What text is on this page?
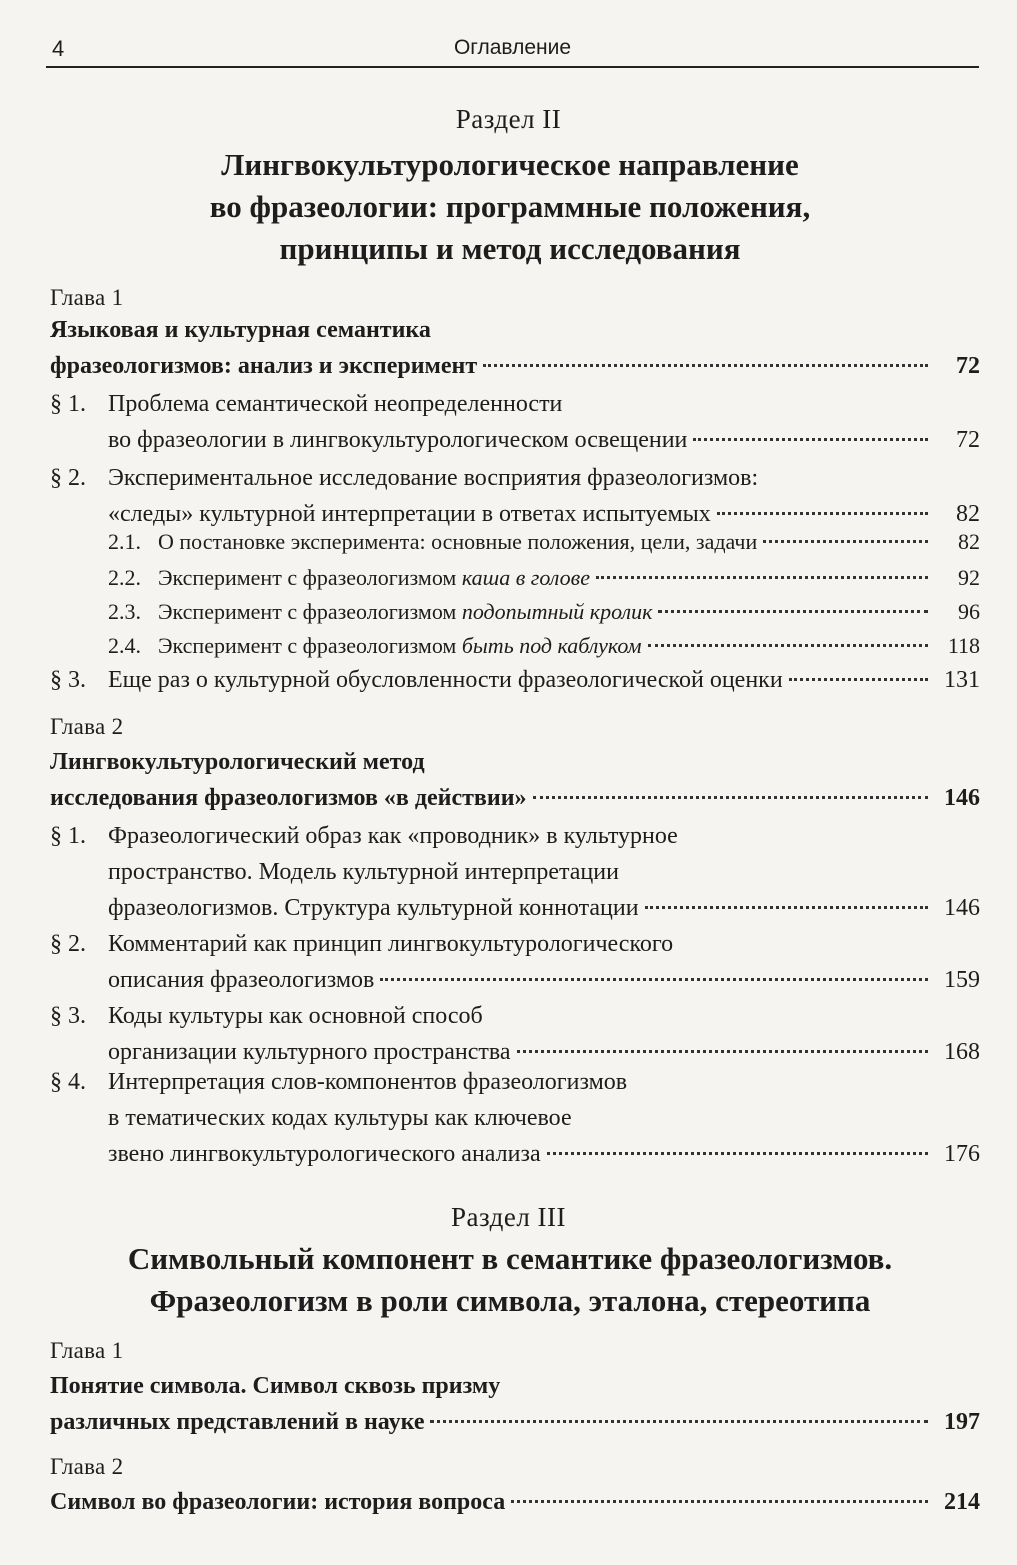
4	Оглавление
Раздел II
Лингвокультурологическое направление
во фразеологии: программные положения,
принципы и метод исследования
Глава 1
Языковая и культурная семантика
фразеологизмов: анализ и эксперимент	72
§ 1. Проблема семантической неопределенности
во фразеологии в лингвокультурологическом освещении	72
§ 2. Экспериментальное исследование восприятия фразеологизмов:
«следы» культурной интерпретации в ответах испытуемых	82
2.1. О постановке эксперимента: основные положения, цели, задачи	82
2.2. Эксперимент с фразеологизмом каша в голове	92
2.3. Эксперимент с фразеологизмом подопытный кролик	96
2.4. Эксперимент с фразеологизмом быть под каблуком	118
§ 3. Еще раз о культурной обусловленности фразеологической оценки	131
Глава 2
Лингвокультурологический метод
исследования фразеологизмов «в действии»	146
§ 1. Фразеологический образ как «проводник» в культурное
пространство. Модель культурной интерпретации
фразеологизмов. Структура культурной коннотации	146
§ 2. Комментарий как принцип лингвокультурологического
описания фразеологизмов	159
§ 3. Коды культуры как основной способ
организации культурного пространства	168
§ 4. Интерпретация слов-компонентов фразеологизмов
в тематических кодах культуры как ключевое
звено лингвокультурологического анализа	176
Раздел III
Символьный компонент в семантике фразеологизмов.
Фразеологизм в роли символа, эталона, стереотипа
Глава 1
Понятие символа. Символ сквозь призму
различных представлений в науке	197
Глава 2
Символ во фразеологии: история вопроса	214
